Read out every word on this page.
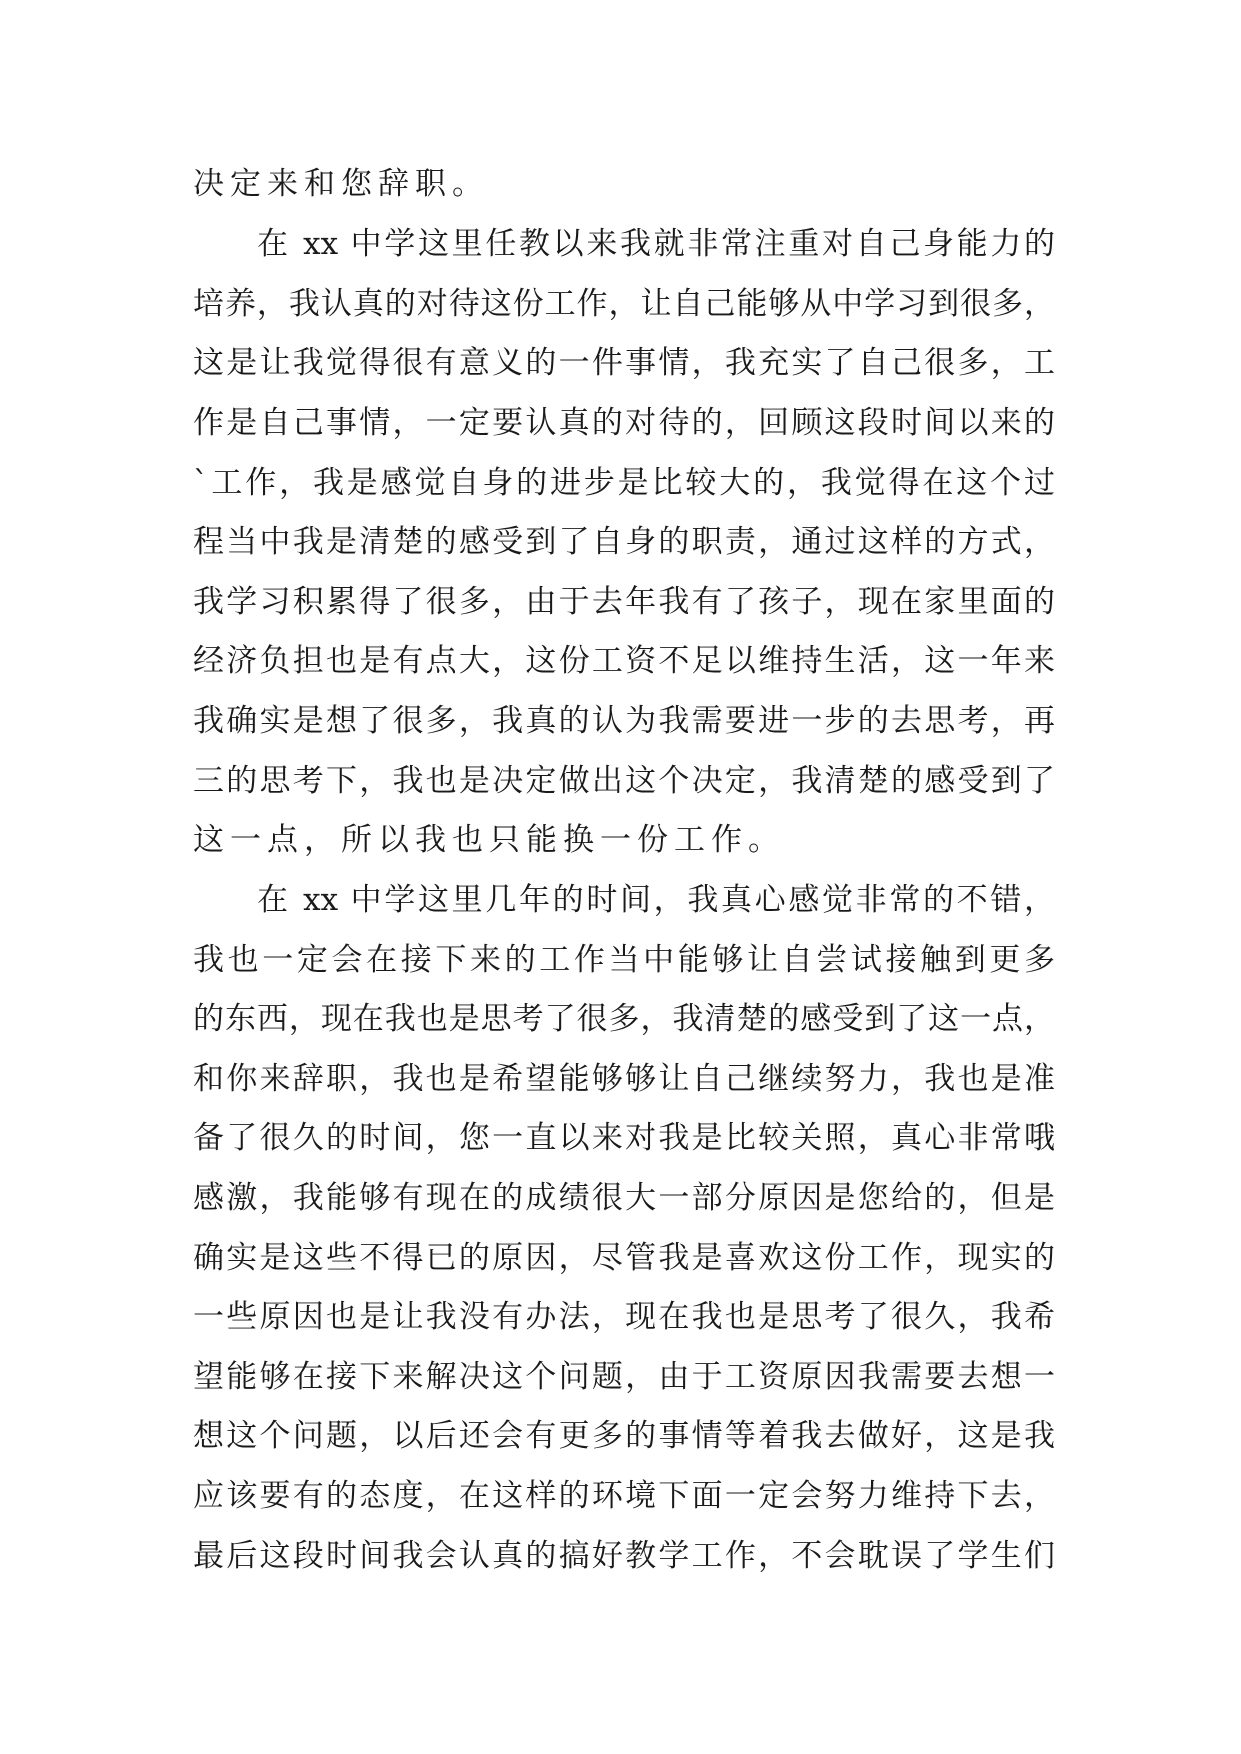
决定来和您辞职。
在 xx 中学这里任教以来我就非常注重对自己身能力的
培养，我认真的对待这份工作，让自己能够从中学习到很多，
这是让我觉得很有意义的一件事情，我充实了自己很多，工
作是自己事情，一定要认真的对待的，回顾这段时间以来的
`工作，我是感觉自身的进步是比较大的，我觉得在这个过
程当中我是清楚的感受到了自身的职责，通过这样的方式，
我学习积累得了很多，由于去年我有了孩子，现在家里面的
经济负担也是有点大，这份工资不足以维持生活，这一年来
我确实是想了很多，我真的认为我需要进一步的去思考，再
三的思考下，我也是决定做出这个决定，我清楚的感受到了
这一点，所以我也只能换一份工作。
在 xx 中学这里几年的时间，我真心感觉非常的不错，
我也一定会在接下来的工作当中能够让自尝试接触到更多
的东西，现在我也是思考了很多，我清楚的感受到了这一点，
和你来辞职，我也是希望能够够让自己继续努力，我也是准
备了很久的时间，您一直以来对我是比较关照，真心非常哦
感激，我能够有现在的成绩很大一部分原因是您给的，但是
确实是这些不得已的原因，尽管我是喜欢这份工作，现实的
一些原因也是让我没有办法，现在我也是思考了很久，我希
望能够在接下来解决这个问题，由于工资原因我需要去想一
想这个问题，以后还会有更多的事情等着我去做好，这是我
应该要有的态度，在这样的环境下面一定会努力维持下去，
最后这段时间我会认真的搞好教学工作，不会耽误了学生们
